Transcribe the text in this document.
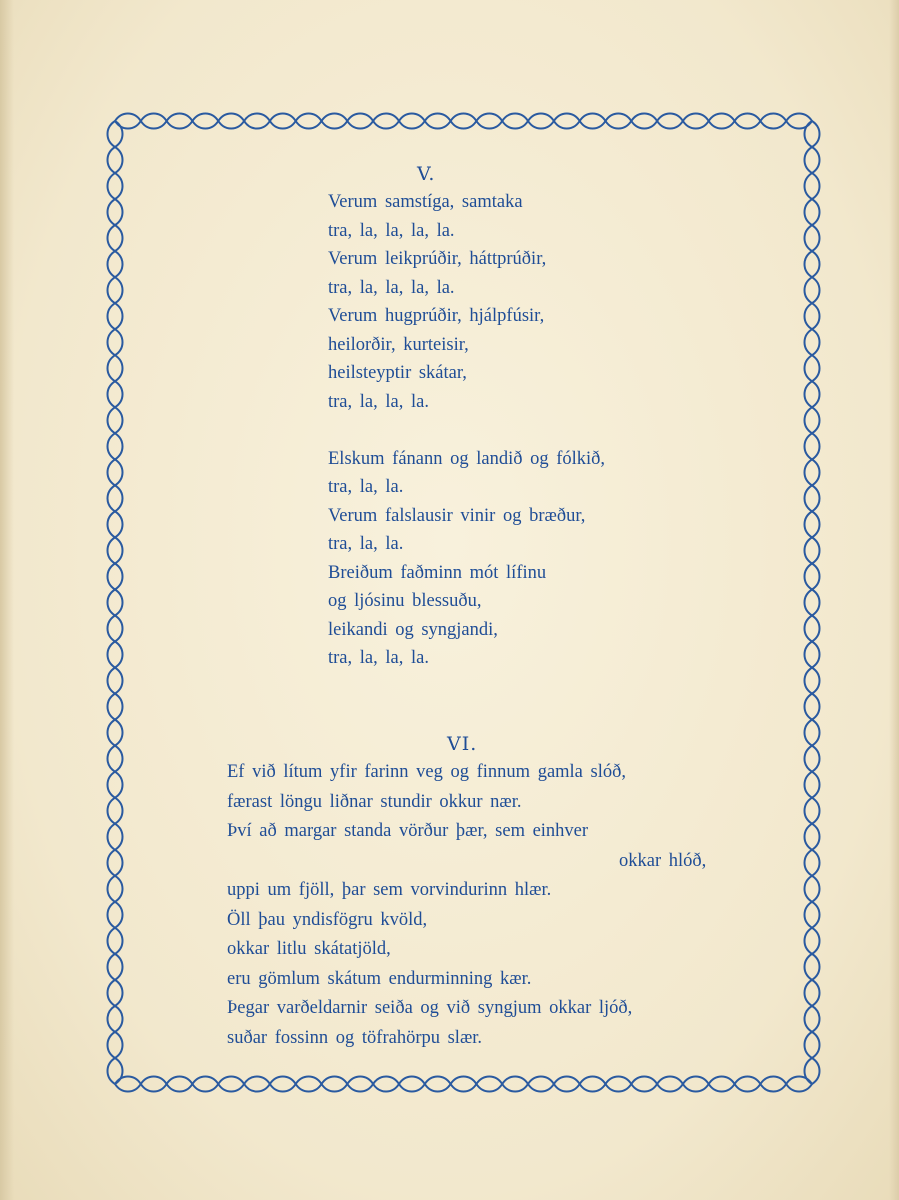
V.
Verum samstíga, samtaka
tra, la, la, la, la.
Verum leikprúðir, háttprúðir,
tra, la, la, la, la.
Verum hugprúðir, hjálpfúsir,
heilorðir, kurteisir,
heilsteyptir skátar,
tra, la, la, la.
Elskum fánann og landið og fólkið,
tra, la, la.
Verum falslausir vinir og bræður,
tra, la, la.
Breiðum faðminn mót lífinu
og ljósinu blessuðu,
leikandi og syngjandi,
tra, la, la, la.
VI.
Ef við lítum yfir farinn veg og finnum gamla slóð,
færast löngu liðnar stundir okkur nær.
Því að margar standa vörður þær, sem einhver
okkar hlóð,
uppi um fjöll, þar sem vorvindurinn hlær.
Öll þau yndisfögru kvöld,
okkar litlu skátatjöld,
eru gömlum skátum endurminning kær.
Þegar varðeldarnir seiða og við syngjum okkar ljóð,
suðar fossinn og töfrahörpu slær.
